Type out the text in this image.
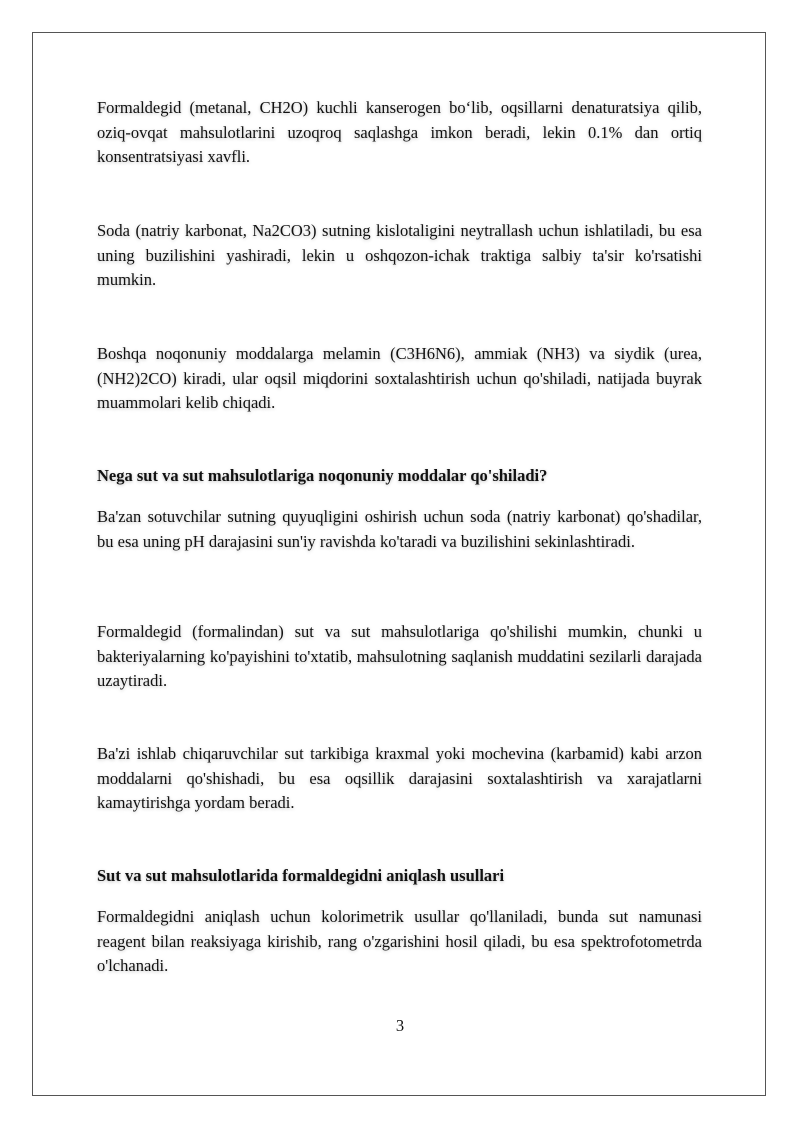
Formaldegid (metanal, CH2O) kuchli kanserogen bo‘lib, oqsillarni denaturatsiya qilib, oziq-ovqat mahsulotlarini uzoqroq saqlashga imkon beradi, lekin 0.1% dan ortiq konsentratsiyasi xavfli.

Soda (natriy karbonat, Na2CO3) sutning kislotaligini neytrallash uchun ishlatiladi, bu esa uning buzilishini yashiradi, lekin u oshqozon-ichak traktiga salbiy ta'sir ko'rsatishi mumkin.

Boshqa noqonuniy moddalarga melamin (C3H6N6), ammiak (NH3) va siydik (urea, (NH2)2CO) kiradi, ular oqsil miqdorini soxtalashtirish uchun qo'shiladi, natijada buyrak muammolari kelib chiqadi.

Nega sut va sut mahsulotlariga noqonuniy moddalar qo'shiladi?

Ba'zan sotuvchilar sutning quyuqligini oshirish uchun soda (natriy karbonat) qo'shadilar, bu esa uning pH darajasini sun'iy ravishda ko'taradi va buzilishini sekinlashtiradi.

Formaldegid (formalindan) sut va sut mahsulotlariga qo'shilishi mumkin, chunki u bakteriyalarning ko'payishini to'xtatib, mahsulotning saqlanish muddatini sezilarli darajada uzaytiradi.

Ba'zi ishlab chiqaruvchilar sut tarkibiga kraxmal yoki mochevina (karbamid) kabi arzon moddalarni qo'shishadi, bu esa oqsillik darajasini soxtalashtirish va xarajatlarni kamaytirishga yordam beradi.

Sut va sut mahsulotlarida formaldegidni aniqlash usullari

Formaldegidni aniqlash uchun kolorimetrik usullar qo'llaniladi, bunda sut namunasi reagent bilan reaksiyaga kirishib, rang o'zgarishini hosil qiladi, bu esa spektrofotometrda o'lchanadi.

3
